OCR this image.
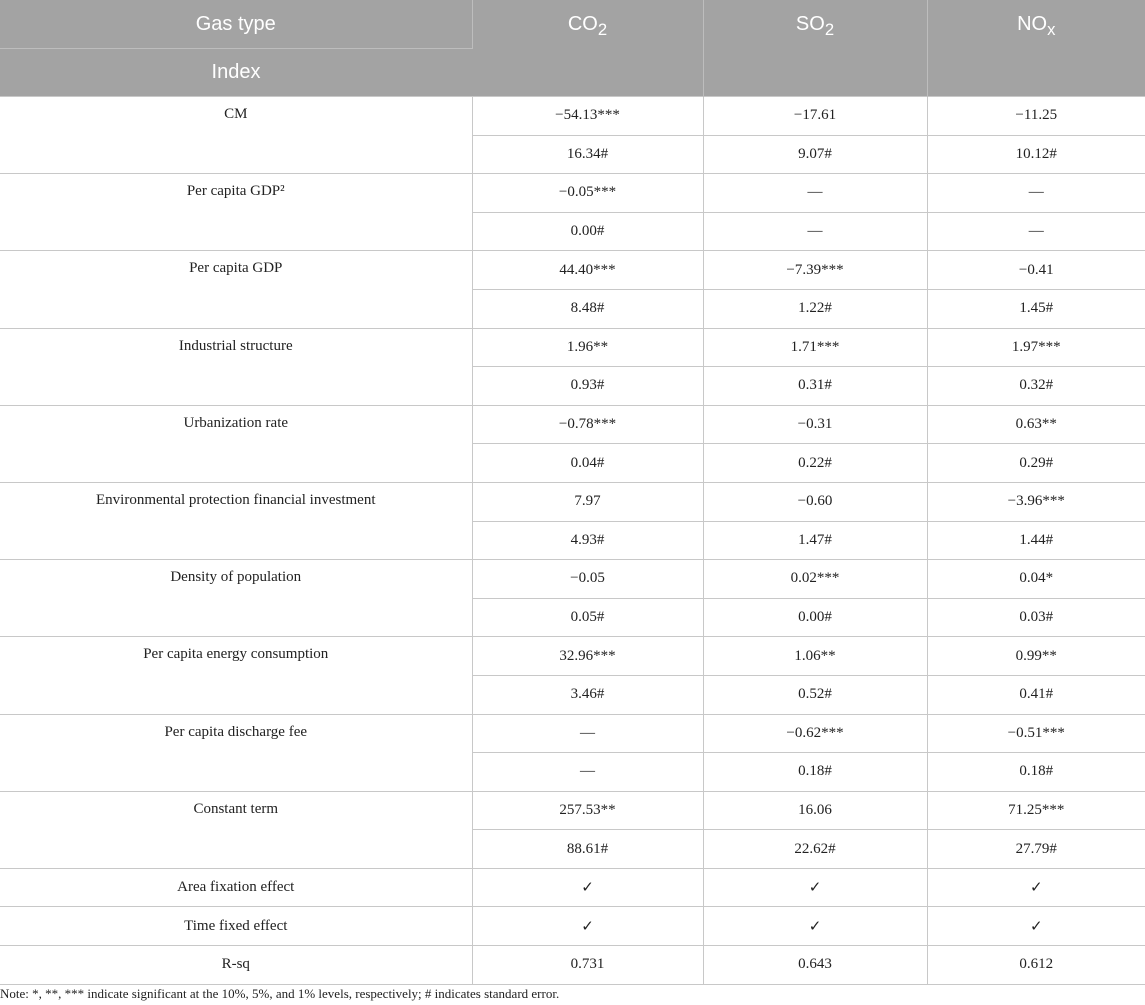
Gas type	$CO_2$	$SO_2$	$NO_x$
Index			
CM	−54.13***	−17.61	−11.25
	16.34#	9.07#	10.12#
Per capita GDP²	−0.05***	—	—
	0.00#	—	—
Per capita GDP	44.40***	−7.39***	−0.41
	8.48#	1.22#	1.45#
Industrial structure	1.96**	1.71***	1.97***
	0.93#	0.31#	0.32#
Urbanization rate	−0.78***	−0.31	0.63**
	0.04#	0.22#	0.29#
Environmental protection financial investment	7.97	−0.60	−3.96***
	4.93#	1.47#	1.44#
Density of population	−0.05	0.02***	0.04*
	0.05#	0.00#	0.03#
Per capita energy consumption	32.96***	1.06**	0.99**
	3.46#	0.52#	0.41#
Per capita discharge fee	—	−0.62***	−0.51***
	—	0.18#	0.18#
Constant term	257.53**	16.06	71.25***
	88.61#	22.62#	27.79#
Area fixation effect	✓	✓	✓
Time fixed effect	✓	✓	✓
R-sq	0.731	0.643	0.612
Note: *, **, *** indicate significant at the 10%, 5%, and 1% levels, respectively; # indicates standard error.
